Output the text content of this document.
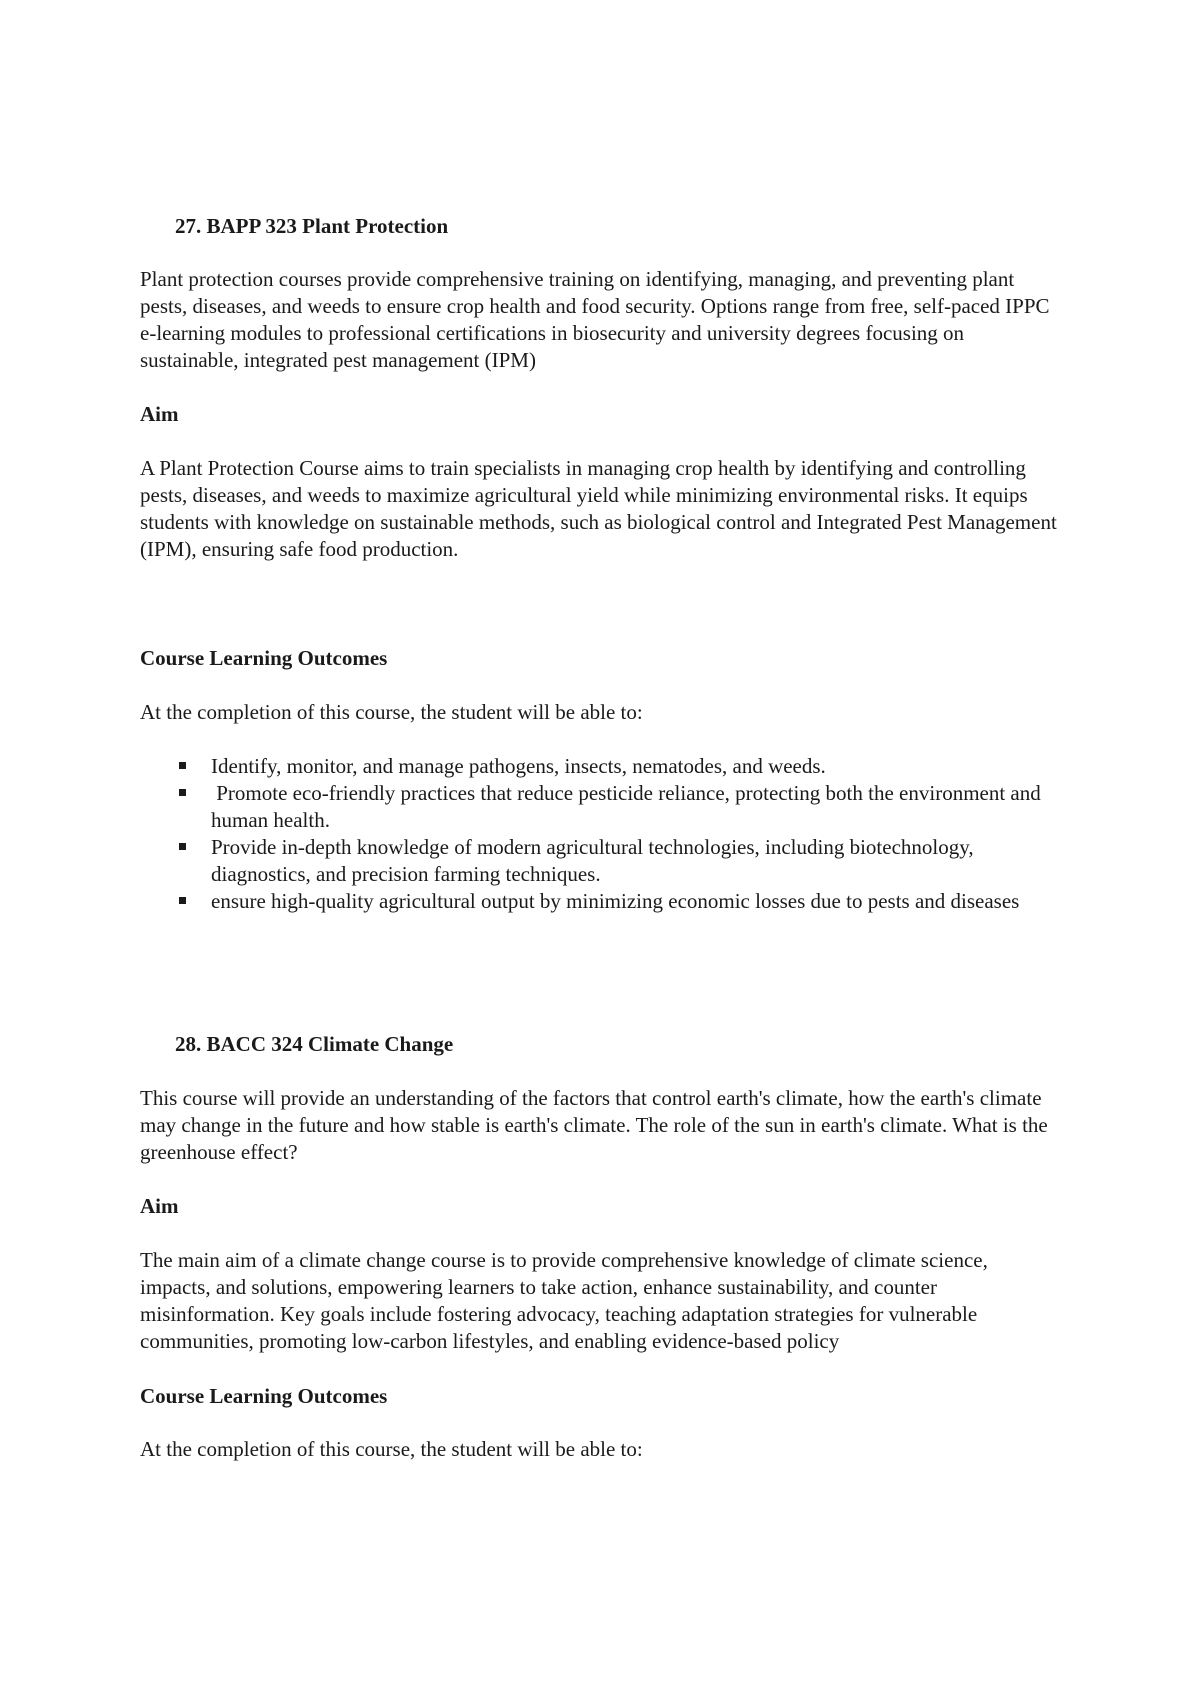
27. BAPP 323 Plant Protection

Plant protection courses provide comprehensive training on identifying, managing, and preventing plant pests, diseases, and weeds to ensure crop health and food security. Options range from free, self-paced IPPC e-learning modules to professional certifications in biosecurity and university degrees focusing on sustainable, integrated pest management (IPM)

Aim

A Plant Protection Course aims to train specialists in managing crop health by identifying and controlling pests, diseases, and weeds to maximize agricultural yield while minimizing environmental risks. It equips students with knowledge on sustainable methods, such as biological control and Integrated Pest Management (IPM), ensuring safe food production.

Course Learning Outcomes

At the completion of this course, the student will be able to:

Identify, monitor, and manage pathogens, insects, nematodes, and weeds.
Promote eco-friendly practices that reduce pesticide reliance, protecting both the environment and human health.
Provide in-depth knowledge of modern agricultural technologies, including biotechnology, diagnostics, and precision farming techniques.
ensure high-quality agricultural output by minimizing economic losses due to pests and diseases

28. BACC 324 Climate Change

This course will provide an understanding of the factors that control earth's climate, how the earth's climate may change in the future and how stable is earth's climate. The role of the sun in earth's climate. What is the greenhouse effect?

Aim

The main aim of a climate change course is to provide comprehensive knowledge of climate science, impacts, and solutions, empowering learners to take action, enhance sustainability, and counter misinformation. Key goals include fostering advocacy, teaching adaptation strategies for vulnerable communities, promoting low-carbon lifestyles, and enabling evidence-based policy

Course Learning Outcomes

At the completion of this course, the student will be able to:
